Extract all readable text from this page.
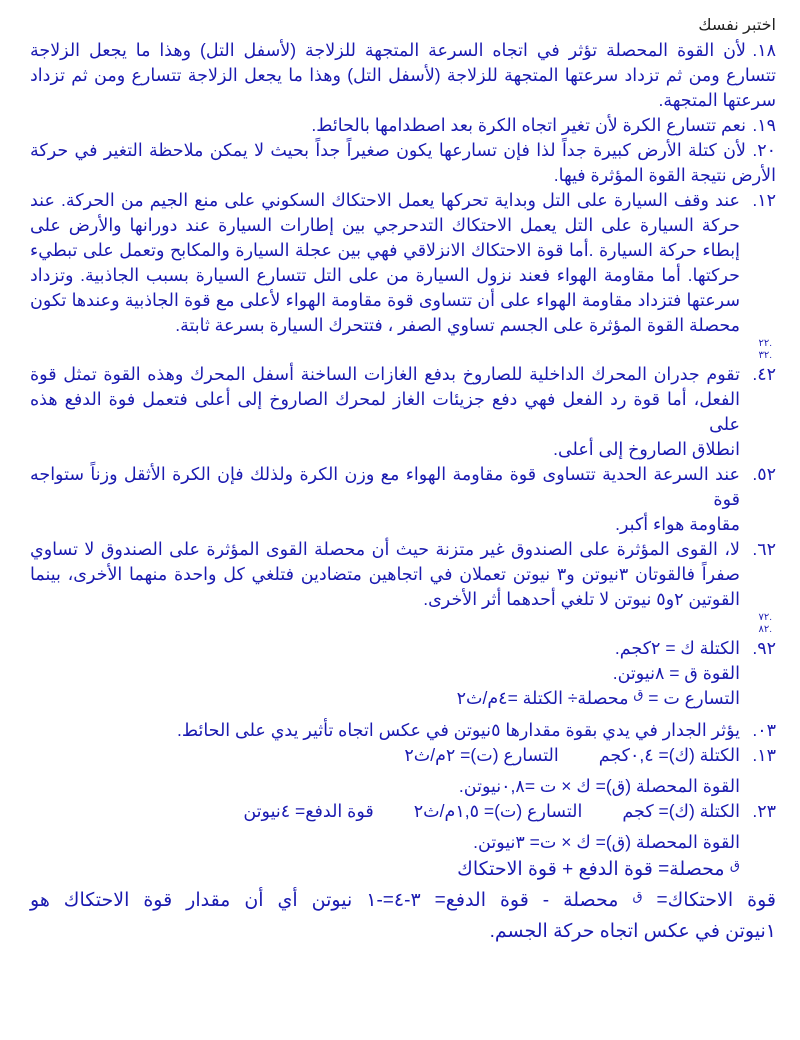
اختبر نفسك
١٨.
لأن القوة المحصلة تؤثر في اتجاه السرعة المتجهة للزلاجة (لأسفل التل) وهذا ما يجعل الزلاجة
تتسارع ومن ثم تزداد سرعتها المتجهة للزلاجة (لأسفل التل) وهذا ما يجعل الزلاجة تتسارع ومن ثم تزداد
سرعتها المتجهة.
١٩.
نعم تتسارع الكرة لأن تغير اتجاه الكرة بعد اصطدامها بالحائط.
٢٠.
لأن كتلة الأرض كبيرة جداً لذا فإن تسارعها يكون صغيراً جداً بحيث لا يمكن ملاحظة التغير في حركة
الأرض نتيجة القوة المؤثرة فيها.
١٢.
عند وقف السيارة على التل وبداية تحركها يعمل الاحتكاك السكوني على منع الجيم من الحركة. عند
حركة السيارة على التل يعمل الاحتكاك التدحرجي بين إطارات السيارة عند دورانها والأرض على
إبطاء حركة السيارة .أما قوة الاحتكاك الانزلاقي فهي بين عجلة السيارة والمكابح وتعمل على تبطيء
حركتها. أما مقاومة الهواء فعند نزول السيارة من على التل تتسارع السيارة بسبب الجاذبية. وتزداد
سرعتها فتزداد مقاومة الهواء على أن تتساوى قوة مقاومة الهواء لأعلى مع قوة الجاذبية وعندها تكون
محصلة القوة المؤثرة على الجسم تساوي الصفر ، فتتحرك السيارة بسرعة ثابتة.
.٢٢
.٣٢
٤٢.
تقوم جدران المحرك الداخلية للصاروخ بدفع الغازات الساخنة أسفل المحرك وهذه القوة تمثل قوة
الفعل، أما قوة رد الفعل فهي دفع جزيئات الغاز لمحرك الصاروخ إلى أعلى فتعمل فوة الدفع هذه على
انطلاق الصاروخ إلى أعلى.
٥٢.
عند السرعة الحدية تتساوى قوة مقاومة الهواء مع وزن الكرة ولذلك فإن الكرة الأثقل وزناً ستواجه قوة
مقاومة هواء أكبر.
٦٢.
لا، القوى المؤثرة على الصندوق غير متزنة حيث أن محصلة القوى المؤثرة على الصندوق لا تساوي
صفراً فالقوتان ٣نيوتن و٣ نيوتن تعملان في اتجاهين متضادين فتلغي كل واحدة منهما الأخرى، بينما
القوتين ٢و٥ نيوتن لا تلغي أحدهما أثر الأخرى.
.٧٢
.٨٢
٩٢.
الكتلة ك = ٢كجم.
القوة ق = ٨نيوتن.
التسارع ت = $^ق$ محصلة÷ الكتلة =٤م/ث٢
٠٣.
يؤثر الجدار في يدي بقوة مقدارها ٥نيوتن في عكس اتجاه تأثير يدي على الحائط.
١٣.
الكتلة (ك)= ٠,٤كجمالتسارع (ت)= ٢م/ث٢
القوة المحصلة (ق)= ك × ت =٠,٨نيوتن.
٢٣.
الكتلة (ك)= كجمالتسارع (ت)= ١,٥م/ث٢قوة الدفع= ٤نيوتن
القوة المحصلة (ق)= ك × ت= ٣نيوتن.
$^ق$ محصلة= قوة الدفع + قوة الاحتكاك
قوة الاحتكاك= $^ق$ محصلة - قوة الدفع= ٣-٤=-١ نيوتن أي أن مقدار قوة الاحتكاك هو
١نيوتن في عكس اتجاه حركة الجسم.
